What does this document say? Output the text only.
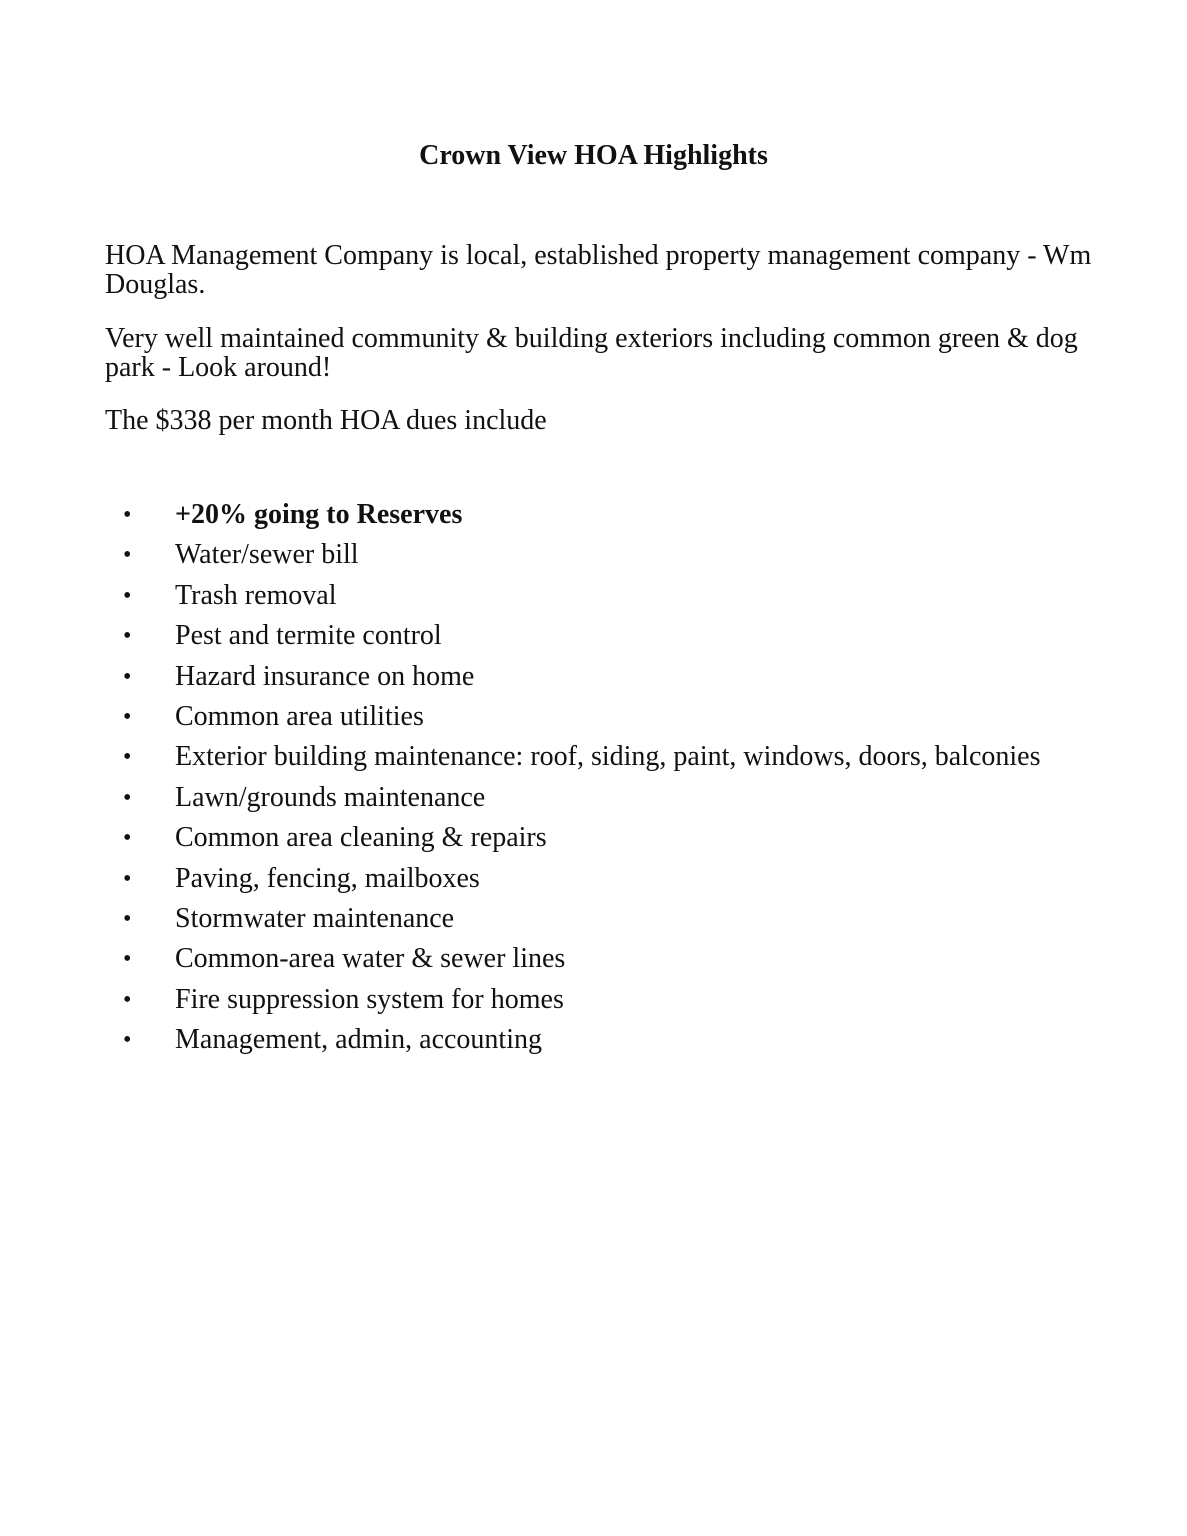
Crown View HOA Highlights

HOA Management Company is local, established property management company - Wm Douglas.

Very well maintained community & building exteriors including common green & dog park - Look around!

The $338 per month HOA dues include

• +20% going to Reserves
• Water/sewer bill
• Trash removal
• Pest and termite control
• Hazard insurance on home
• Common area utilities
• Exterior building maintenance: roof, siding, paint, windows, doors, balconies
• Lawn/grounds maintenance
• Common area cleaning & repairs
• Paving, fencing, mailboxes
• Stormwater maintenance
• Common-area water & sewer lines
• Fire suppression system for homes
• Management, admin, accounting
